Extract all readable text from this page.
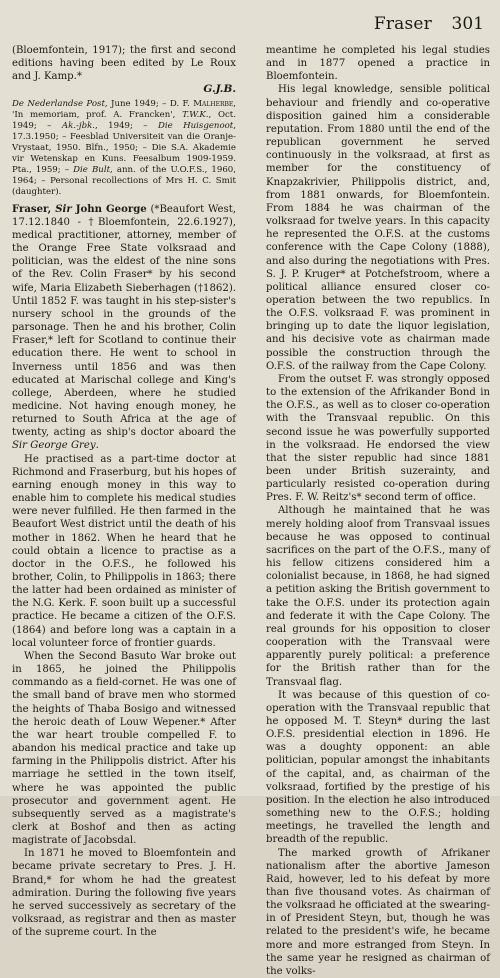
Fraser 301

(Bloemfontein, 1917); the first and second editions having been edited by Le Roux and J. Kamp.*

G.J.B.

De Nederlandse Post, June 1949; – D. F. Malherbe, 'In memoriam, prof. A. Francken', T.W.K., Oct. 1949; – Ak.-jbk., 1949; – Die Huisgenoot, 17.3.1950; – Feesblad Universiteit van die Oranje-Vrystaat, 1950. Blfn., 1950; – Die S.A. Akademie vir Wetenskap en Kuns. Feesalbum 1909-1959. Pta., 1959; – Die Bult, ann. of the U.O.F.S., 1960, 1964; – Personal recollections of Mrs H. C. Smit (daughter).

Fraser, Sir John George (*Beaufort West, 17.12.1840 - †Bloemfontein, 22.6.1927), medical practitioner, attorney, member of the Orange Free State volksraad and politician, was the eldest of the nine sons of the Rev. Colin Fraser* by his second wife, Maria Elizabeth Sieberhagen (†1862). Until 1852 F. was taught in his step-sister's nursery school in the grounds of the parsonage. Then he and his brother, Colin Fraser,* left for Scotland to continue their education there. He went to school in Inverness until 1856 and was then educated at Marischal college and King's college, Aberdeen, where he studied medicine. Not having enough money, he returned to South Africa at the age of twenty, acting as ship's doctor aboard the Sir George Grey.

He practised as a part-time doctor at Richmond and Fraserburg, but his hopes of earning enough money in this way to enable him to complete his medical studies were never fulfilled. He then farmed in the Beaufort West district until the death of his mother in 1862. When he heard that he could obtain a licence to practise as a doctor in the O.F.S., he followed his brother, Colin, to Philippolis in 1863; there the latter had been ordained as minister of the N.G. Kerk. F. soon built up a successful practice. He became a citizen of the O.F.S. (1864) and before long was a captain in a local volunteer force of frontier guards.

When the Second Basuto War broke out in 1865, he joined the Philippolis commando as a field-cornet. He was one of the small band of brave men who stormed the heights of Thaba Bosigo and witnessed the heroic death of Louw Wepener.* After the war heart trouble compelled F. to abandon his medical practice and take up farming in the Philippolis district. After his marriage he settled in the town itself, where he was appointed the public prosecutor and government agent. He subsequently served as a magistrate's clerk at Boshof and then as acting magistrate of Jacobsdal.

In 1871 he moved to Bloemfontein and became private secretary to Pres. J. H. Brand,* for whom he had the greatest admiration. During the following five years he served successively as secretary of the volksraad, as registrar and then as master of the supreme court. In the

meantime he completed his legal studies and in 1877 opened a practice in Bloemfontein.

His legal knowledge, sensible political behaviour and friendly and co-operative disposition gained him a considerable reputation. From 1880 until the end of the republican government he served continuously in the volksraad, at first as member for the constituency of Knapzakrivier, Philippolis district, and, from 1881 onwards, for Bloemfontein. From 1884 he was chairman of the volksraad for twelve years. In this capacity he represented the O.F.S. at the customs conference with the Cape Colony (1888), and also during the negotiations with Pres. S. J. P. Kruger* at Potchefstroom, where a political alliance ensured closer co-operation between the two republics. In the O.F.S. volksraad F. was prominent in bringing up to date the liquor legislation, and his decisive vote as chairman made possible the construction through the O.F.S. of the railway from the Cape Colony.

From the outset F. was strongly opposed to the extension of the Afrikander Bond in the O.F.S., as well as to closer co-operation with the Transvaal republic. On this second issue he was powerfully supported in the volksraad. He endorsed the view that the sister republic had since 1881 been under British suzerainty, and particularly resisted co-operation during Pres. F. W. Reitz's* second term of office.

Although he maintained that he was merely holding aloof from Transvaal issues because he was opposed to continual sacrifices on the part of the O.F.S., many of his fellow citizens considered him a colonialist because, in 1868, he had signed a petition asking the British government to take the O.F.S. under its protection again and federate it with the Cape Colony. The real grounds for his opposition to closer cooperation with the Transvaal were apparently purely political: a preference for the British rather than for the Transvaal flag.

It was because of this question of co-operation with the Transvaal republic that he opposed M. T. Steyn* during the last O.F.S. presidential election in 1896. He was a doughty opponent: an able politician, popular amongst the inhabitants of the capital, and, as chairman of the volksraad, fortified by the prestige of his position. In the election he also introduced something new to the O.F.S.; holding meetings, he travelled the length and breadth of the republic.

The marked growth of Afrikaner nationalism after the abortive Jameson Raid, however, led to his defeat by more than five thousand votes. As chairman of the volksraad he officiated at the swearing-in of President Steyn, but, though he was related to the president's wife, he became more and more estranged from Steyn. In the same year he resigned as chairman of the volks-
